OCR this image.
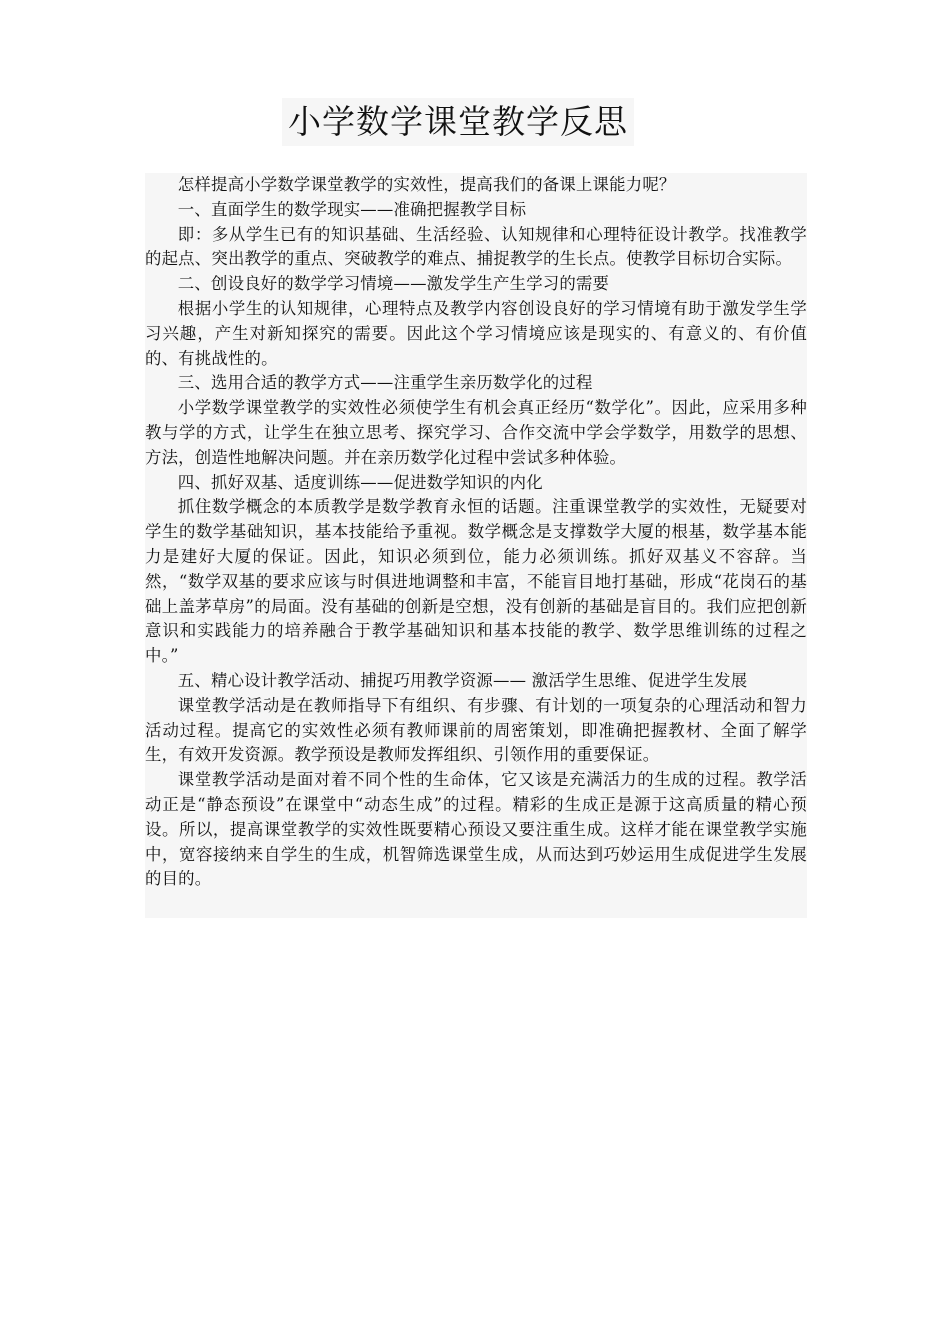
小学数学课堂教学反思

怎样提高小学数学课堂教学的实效性，提高我们的备课上课能力呢？

一、直面学生的数学现实——准确把握教学目标

即：多从学生已有的知识基础、生活经验、认知规律和心理特征设计教学。找准教学的起点、突出教学的重点、突破教学的难点、捕捉教学的生长点。使教学目标切合实际。

二、创设良好的数学学习情境——激发学生产生学习的需要

根据小学生的认知规律，心理特点及教学内容创设良好的学习情境有助于激发学生学习兴趣，产生对新知探究的需要。因此这个学习情境应该是现实的、有意义的、有价值的、有挑战性的。

三、选用合适的教学方式——注重学生亲历数学化的过程

小学数学课堂教学的实效性必须使学生有机会真正经历“数学化”。因此，应采用多种教与学的方式，让学生在独立思考、探究学习、合作交流中学会学数学，用数学的思想、方法，创造性地解决问题。并在亲历数学化过程中尝试多种体验。

四、抓好双基、适度训练——促进数学知识的内化

抓住数学概念的本质教学是数学教育永恒的话题。注重课堂教学的实效性，无疑要对学生的数学基础知识，基本技能给予重视。数学概念是支撑数学大厦的根基，数学基本能力是建好大厦的保证。因此，知识必须到位，能力必须训练。抓好双基义不容辞。当然，“数学双基的要求应该与时俱进地调整和丰富，不能盲目地打基础，形成“花岗石的基础上盖茅草房”的局面。没有基础的创新是空想，没有创新的基础是盲目的。我们应把创新意识和实践能力的培养融合于教学基础知识和基本技能的教学、数学思维训练的过程之中。”

五、精心设计教学活动、捕捉巧用教学资源—— 激活学生思维、促进学生发展

课堂教学活动是在教师指导下有组织、有步骤、有计划的一项复杂的心理活动和智力活动过程。提高它的实效性必须有教师课前的周密策划，即准确把握教材、全面了解学生，有效开发资源。教学预设是教师发挥组织、引领作用的重要保证。

课堂教学活动是面对着不同个性的生命体，它又该是充满活力的生成的过程。教学活动正是“静态预设”在课堂中“动态生成”的过程。精彩的生成正是源于这高质量的精心预设。所以，提高课堂教学的实效性既要精心预设又要注重生成。这样才能在课堂教学实施中，宽容接纳来自学生的生成，机智筛选课堂生成，从而达到巧妙运用生成促进学生发展的目的。
